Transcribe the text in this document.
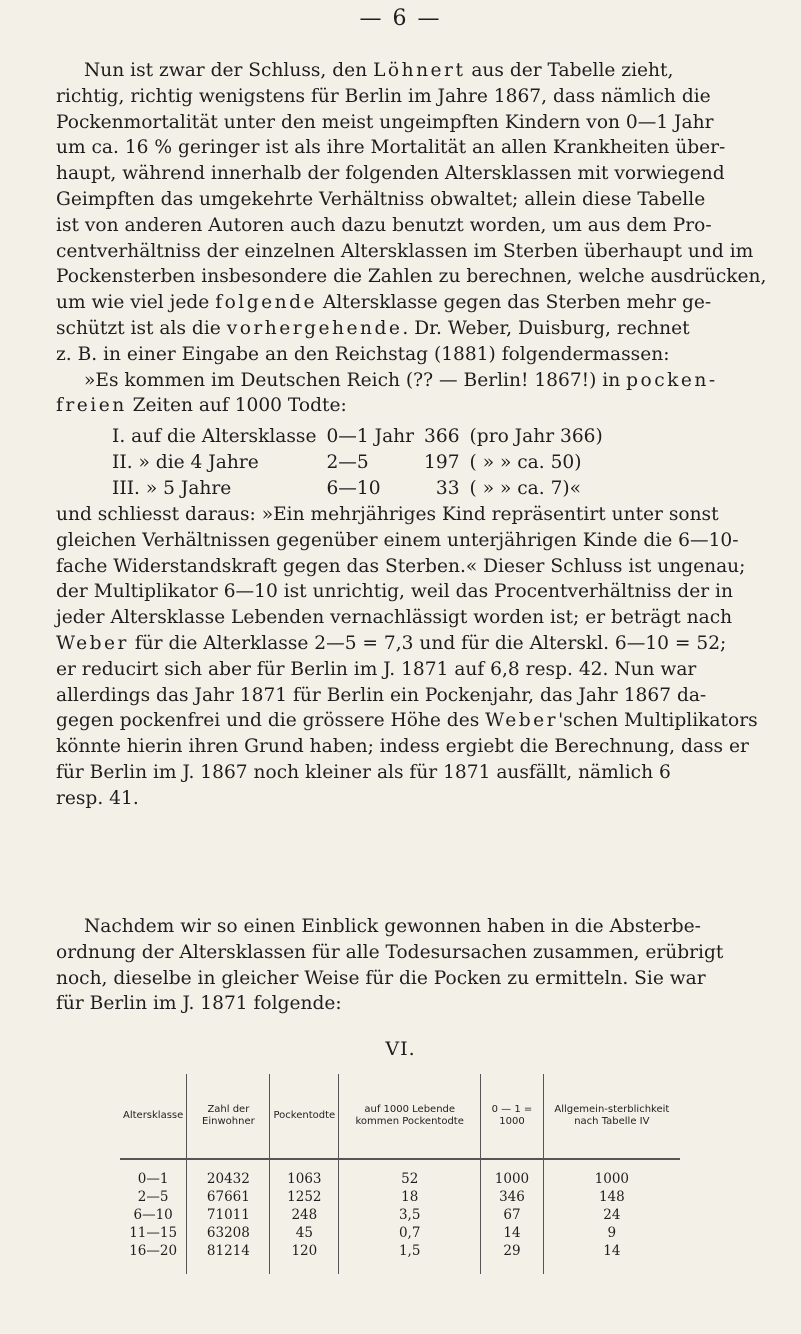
— 6 —
Nun ist zwar der Schluss, den Löhnert aus der Tabelle zieht,
richtig, richtig wenigstens für Berlin im Jahre 1867, dass nämlich die
Pockenmortalität unter den meist ungeimpften Kindern von 0—1 Jahr
um ca. 16 % geringer ist als ihre Mortalität an allen Krankheiten über-
haupt, während innerhalb der folgenden Altersklassen mit vorwiegend
Geimpften das umgekehrte Verhältniss obwaltet; allein diese Tabelle
ist von anderen Autoren auch dazu benutzt worden, um aus dem Pro-
centverhältniss der einzelnen Altersklassen im Sterben überhaupt und im
Pockensterben insbesondere die Zahlen zu berechnen, welche ausdrücken,
um wie viel jede folgende Altersklasse gegen das Sterben mehr ge-
schützt ist als die vorhergehende. Dr. Weber, Duisburg, rechnet
z. B. in einer Eingabe an den Reichstag (1881) folgendermassen:
»Es kommen im Deutschen Reich (?? — Berlin! 1867!) in pocken-
freien Zeiten auf 1000 Todte:
I. auf die Altersklasse	0—1 Jahr	366	(pro Jahr 366)
II. » die 4 Jahre	2—5	197	( » » ca. 50)
III. » 5 Jahre	6—10	33	( » » ca. 7)«
und schliesst daraus: »Ein mehrjähriges Kind repräsentirt unter sonst
gleichen Verhältnissen gegenüber einem unterjährigen Kinde die 6—10-
fache Widerstandskraft gegen das Sterben.« Dieser Schluss ist ungenau;
der Multiplikator 6—10 ist unrichtig, weil das Procentverhältniss der in
jeder Altersklasse Lebenden vernachlässigt worden ist; er beträgt nach
Weber für die Alterklasse 2—5 = 7,3 und für die Alterskl. 6—10 = 52;
er reducirt sich aber für Berlin im J. 1871 auf 6,8 resp. 42. Nun war
allerdings das Jahr 1871 für Berlin ein Pockenjahr, das Jahr 1867 da-
gegen pockenfrei und die grössere Höhe des Weber'schen Multiplikators
könnte hierin ihren Grund haben; indess ergiebt die Berechnung, dass er
für Berlin im J. 1867 noch kleiner als für 1871 ausfällt, nämlich 6
resp. 41.
Nachdem wir so einen Einblick gewonnen haben in die Absterbe-
ordnung der Altersklassen für alle Todesursachen zusammen, erübrigt
noch, dieselbe in gleicher Weise für die Pocken zu ermitteln. Sie war
für Berlin im J. 1871 folgende:
VI.
Altersklasse	Zahl der Einwohner	Pockentodte	auf 1000 Lebende kommen Pockentodte	0 — 1 = 1000	Allgemein-sterblichkeit nach Tabelle IV
0—1	20432	1063	52	1000	1000
2—5	67661	1252	18	346	148
6—10	71011	248	3,5	67	24
11—15	63208	45	0,7	14	9
16—20	81214	120	1,5	29	14
